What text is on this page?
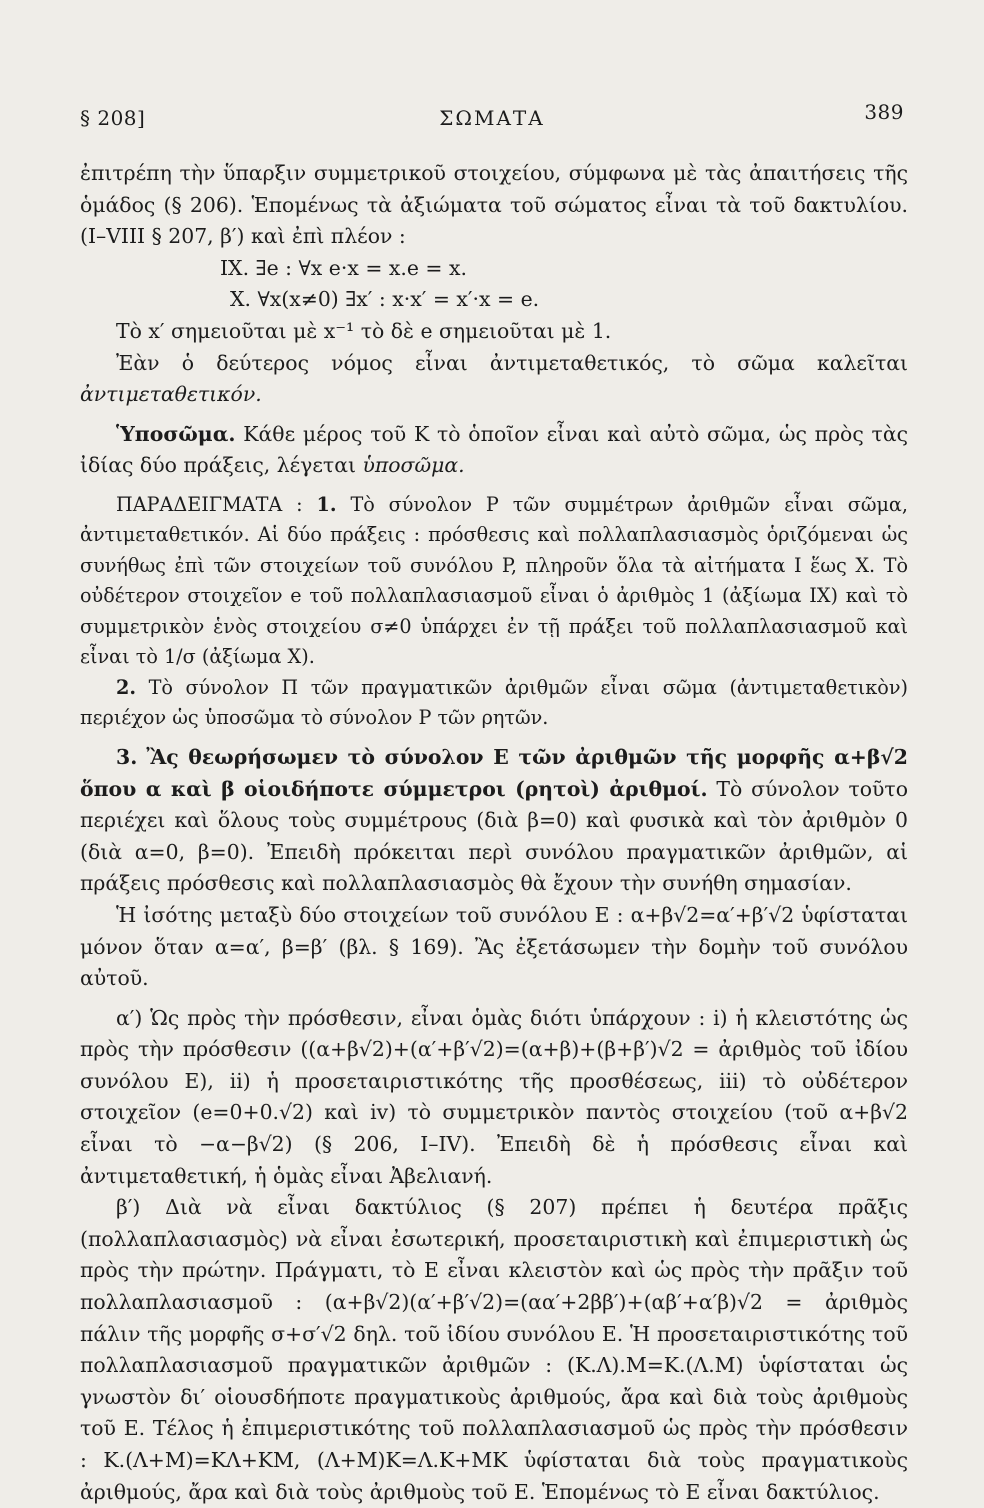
§ 208]	ΣΩΜΑΤΑ	389

ἐπιτρέπη τὴν ὕπαρξιν συμμετρικοῦ στοιχείου, σύμφωνα μὲ τὰς ἀπαιτήσεις τῆς ὁμάδος (§ 206). Ἑπομένως τὰ ἀξιώματα τοῦ σώματος εἶναι τὰ τοῦ δακτυλίου. (Ι–VIII § 207, β′) καὶ ἐπὶ πλέον :

IX. ∃e : ∀x e·x = x.e = x.

X. ∀x(x≠0) ∃x′ : x·x′ = x′·x = e.

Τὸ x′ σημειοῦται μὲ x⁻¹ τὸ δὲ e σημειοῦται μὲ 1.

Ἐὰν ὁ δεύτερος νόμος εἶναι ἀντιμεταθετικός, τὸ σῶμα καλεῖται ἀντιμεταθετικόν.

Ὑποσῶμα. Κάθε μέρος τοῦ Κ τὸ ὁποῖον εἶναι καὶ αὐτὸ σῶμα, ὡς πρὸς τὰς ἰδίας δύο πράξεις, λέγεται ὑποσῶμα.

ΠΑΡΑΔΕΙΓΜΑΤΑ : 1. Τὸ σύνολον P τῶν συμμέτρων ἀριθμῶν εἶναι σῶμα, ἀντιμεταθετικόν. Αἱ δύο πράξεις : πρόσθεσις καὶ πολλαπλασιασμὸς ὁριζόμεναι ὡς συνήθως ἐπὶ τῶν στοιχείων τοῦ συνόλου P, πληροῦν ὅλα τὰ αἰτήματα I ἕως X. Τὸ οὐδέτερον στοιχεῖον e τοῦ πολλαπλασιασμοῦ εἶναι ὁ ἀριθμὸς 1 (ἀξίωμα IX) καὶ τὸ συμμετρικὸν ἑνὸς στοιχείου σ≠0 ὑπάρχει ἐν τῇ πράξει τοῦ πολλαπλασιασμοῦ καὶ εἶναι τὸ 1/σ (ἀξίωμα X).

2. Τὸ σύνολον Π τῶν πραγματικῶν ἀριθμῶν εἶναι σῶμα (ἀντιμεταθετικὸν) περιέχον ὡς ὑποσῶμα τὸ σύνολον P τῶν ρητῶν.

3. Ἂς θεωρήσωμεν τὸ σύνολον E τῶν ἀριθμῶν τῆς μορφῆς α+β√2 ὅπου α καὶ β οἱοιδήποτε σύμμετροι (ρητοὶ) ἀριθμοί. Τὸ σύνολον τοῦτο περιέχει καὶ ὅλους τοὺς συμμέτρους (διὰ β=0) καὶ φυσικὰ καὶ τὸν ἀριθμὸν 0 (διὰ α=0, β=0). Ἐπειδὴ πρόκειται περὶ συνόλου πραγματικῶν ἀριθμῶν, αἱ πράξεις πρόσθεσις καὶ πολλαπλασιασμὸς θὰ ἔχουν τὴν συνήθη σημασίαν.

Ἡ ἰσότης μεταξὺ δύο στοιχείων τοῦ συνόλου E : α+β√2=α′+β′√2 ὑφίσταται μόνον ὅταν α=α′, β=β′ (βλ. § 169). Ἂς ἐξετάσωμεν τὴν δομὴν τοῦ συνόλου αὐτοῦ.

α′) Ὡς πρὸς τὴν πρόσθεσιν, εἶναι ὁμὰς διότι ὑπάρχουν : i) ἡ κλειστότης ὡς πρὸς τὴν πρόσθεσιν ((α+β√2)+(α′+β′√2)=(α+β)+(β+β′)√2 = ἀριθμὸς τοῦ ἰδίου συνόλου E), ii) ἡ προσεταιριστικότης τῆς προσθέσεως, iii) τὸ οὐδέτερον στοιχεῖον (e=0+0.√2) καὶ iv) τὸ συμμετρικὸν παντὸς στοιχείου (τοῦ α+β√2 εἶναι τὸ −α−β√2) (§ 206, I–IV). Ἐπειδὴ δὲ ἡ πρόσθεσις εἶναι καὶ ἀντιμεταθετική, ἡ ὁμὰς εἶναι Ἀβελιανή.

β′) Διὰ νὰ εἶναι δακτύλιος (§ 207) πρέπει ἡ δευτέρα πρᾶξις (πολλαπλασιασμὸς) νὰ εἶναι ἐσωτερική, προσεταιριστικὴ καὶ ἐπιμεριστικὴ ὡς πρὸς τὴν πρώτην. Πράγματι, τὸ E εἶναι κλειστὸν καὶ ὡς πρὸς τὴν πρᾶξιν τοῦ πολλαπλασιασμοῦ : (α+β√2)(α′+β′√2)=(αα′+2ββ′)+(αβ′+α′β)√2 = ἀριθμὸς πάλιν τῆς μορφῆς σ+σ′√2 δηλ. τοῦ ἰδίου συνόλου E. Ἡ προσεταιριστικότης τοῦ πολλαπλασιασμοῦ πραγματικῶν ἀριθμῶν : (K.Λ).M=K.(Λ.M) ὑφίσταται ὡς γνωστὸν δι′ οἱουσδήποτε πραγματικοὺς ἀριθμούς, ἄρα καὶ διὰ τοὺς ἀριθμοὺς τοῦ E. Τέλος ἡ ἐπιμεριστικότης τοῦ πολλαπλασιασμοῦ ὡς πρὸς τὴν πρόσθεσιν : K.(Λ+M)=KΛ+KM, (Λ+M)K=Λ.K+MK ὑφίσταται διὰ τοὺς πραγματικοὺς ἀριθμούς, ἄρα καὶ διὰ τοὺς ἀριθμοὺς τοῦ E. Ἑπομένως τὸ E εἶναι δακτύλιος.
